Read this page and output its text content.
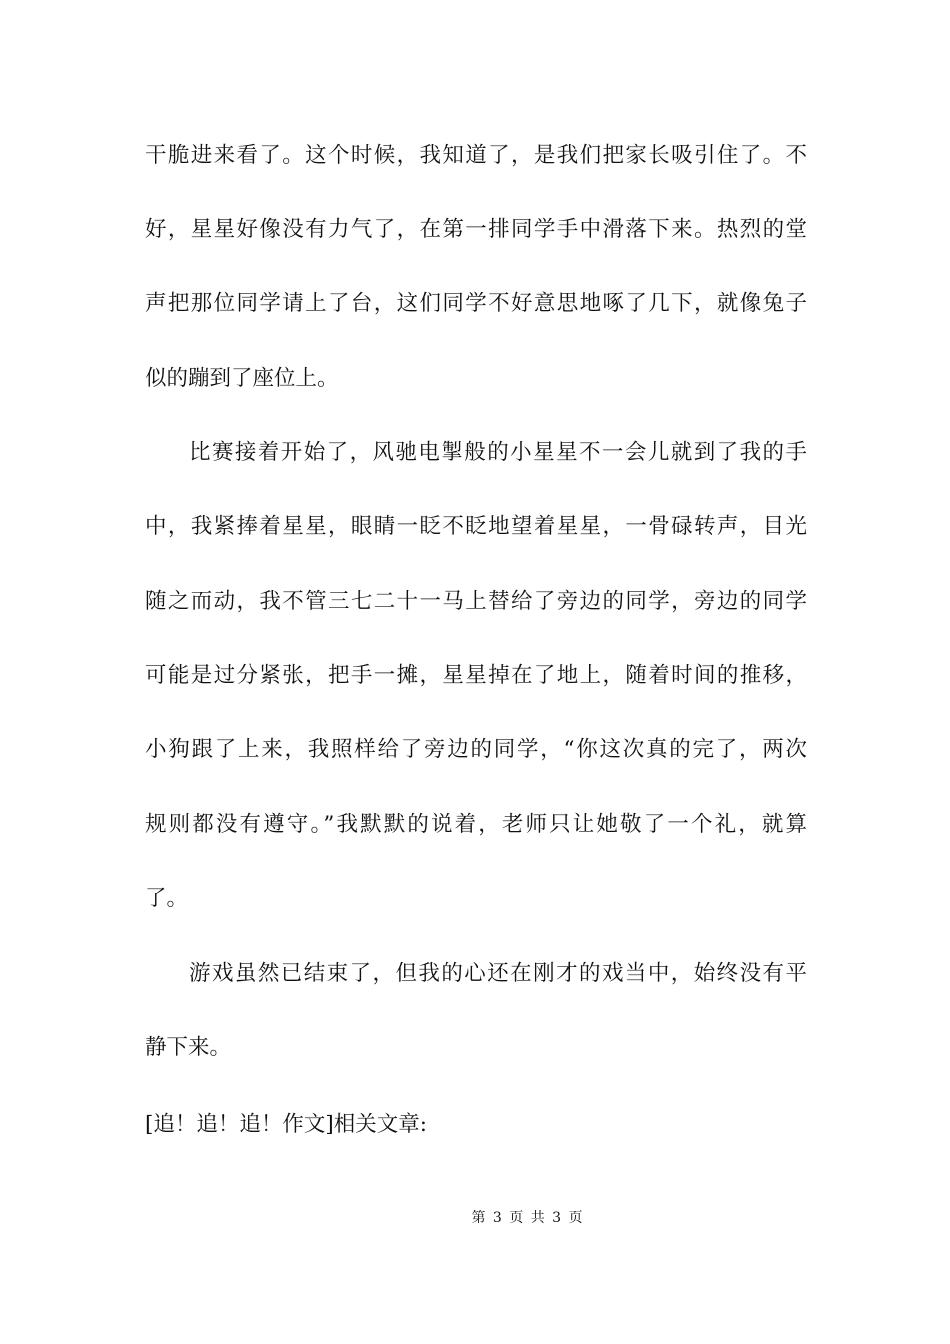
干脆进来看了。这个时候，我知道了，是我们把家长吸引住了。不
好，星星好像没有力气了，在第一排同学手中滑落下来。热烈的堂
声把那位同学请上了台，这们同学不好意思地啄了几下，就像兔子
似的蹦到了座位上。
比赛接着开始了，风驰电掣般的小星星不一会儿就到了我的手
中，我紧捧着星星，眼睛一眨不眨地望着星星，一骨碌转声，目光
随之而动，我不管三七二十一马上替给了旁边的同学，旁边的同学
可能是过分紧张，把手一摊，星星掉在了地上，随着时间的推移，
小狗跟了上来，我照样给了旁边的同学，“你这次真的完了，两次
规则都没有遵守。”我默默的说着，老师只让她敬了一个礼，就算
了。
游戏虽然已结束了，但我的心还在刚才的戏当中，始终没有平
静下来。
[追！追！追！作文]相关文章:
第 3 页 共 3 页
